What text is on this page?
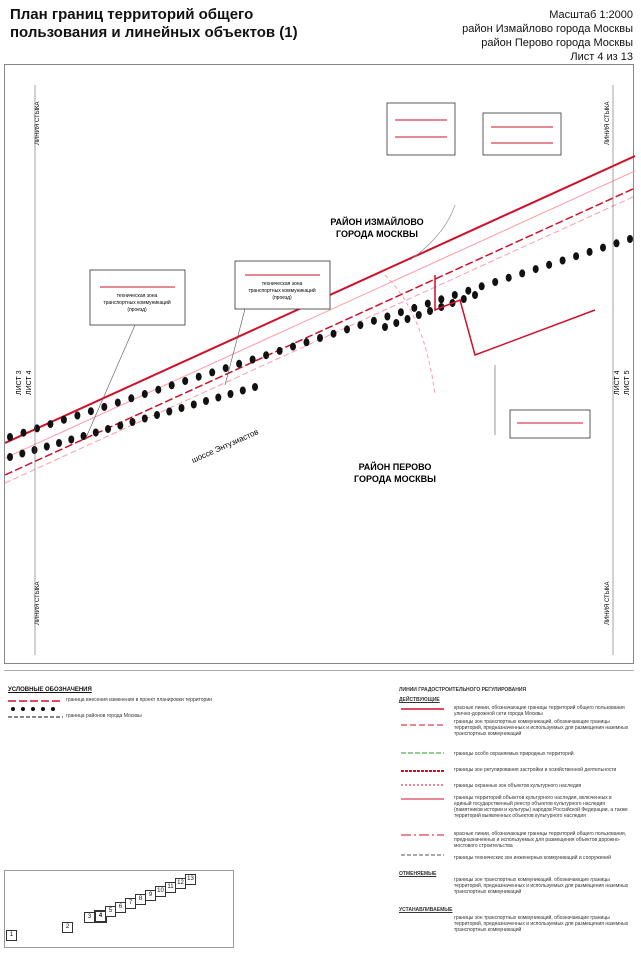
План границ территорий общего
пользования и линейных объектов (1)
Масштаб 1:2000
район Измайлово города Москвы
район Перово города Москвы
Лист 4 из 13
техническая зона
транспортных коммуникаций
(проезд)
техническая зона
транспортных коммуникаций
(проезд)
РАЙОН ИЗМАЙЛОВО
ГОРОДА МОСКВЫ
РАЙОН ПЕРОВО
ГОРОДА МОСКВЫ
шоссе Энтузиастов
ЛИНИЯ СТЫКА
ЛИНИЯ СТЫКА
ЛИНИЯ СТЫКА
ЛИНИЯ СТЫКА
ЛИСТ 3 ЛИСТ 4	ЛИСТ 4 ЛИСТ 5
УСЛОВНЫЕ ОБОЗНАЧЕНИЯ
граница внесения изменения в проект планировки территории
граница районов города Москвы
ЛИНИИ ГРАДОСТРОИТЕЛЬНОГО РЕГУЛИРОВАНИЯ
ДЕЙСТВУЮЩИЕ
красные линии, обозначающие границы территорий общего пользования улично-дорожной сети города Москвы
границы зон транспортных коммуникаций, обозначающие границы территорий, предназначенных и используемых для размещения наземных транспортных коммуникаций
границы особо охраняемых природных территорий
границы зон регулирования застройки и хозяйственной деятельности
границы охранных зон объектов культурного наследия
границы территорий объектов культурного наследия, включенных в единый государственный реестр объектов культурного наследия (памятников истории и культуры) народов Российской Федерации, а также территорий выявленных объектов культурного наследия
красные линии, обозначающие границы территорий общего пользования, предназначенных и используемых для размещения объектов дорожно-мостового строительства
границы технических зон инженерных коммуникаций и сооружений
ОТМЕНЯЕМЫЕ
границы зон транспортных коммуникаций, обозначающие границы территорий, предназначенных и используемых для размещения наземных транспортных коммуникаций
УСТАНАВЛИВАЕМЫЕ
границы зон транспортных коммуникаций, обозначающие границы территорий, предназначенных и используемых для размещения наземных транспортных коммуникаций
1
2
3	4
5
6
7
8
9
10
11
12
13
